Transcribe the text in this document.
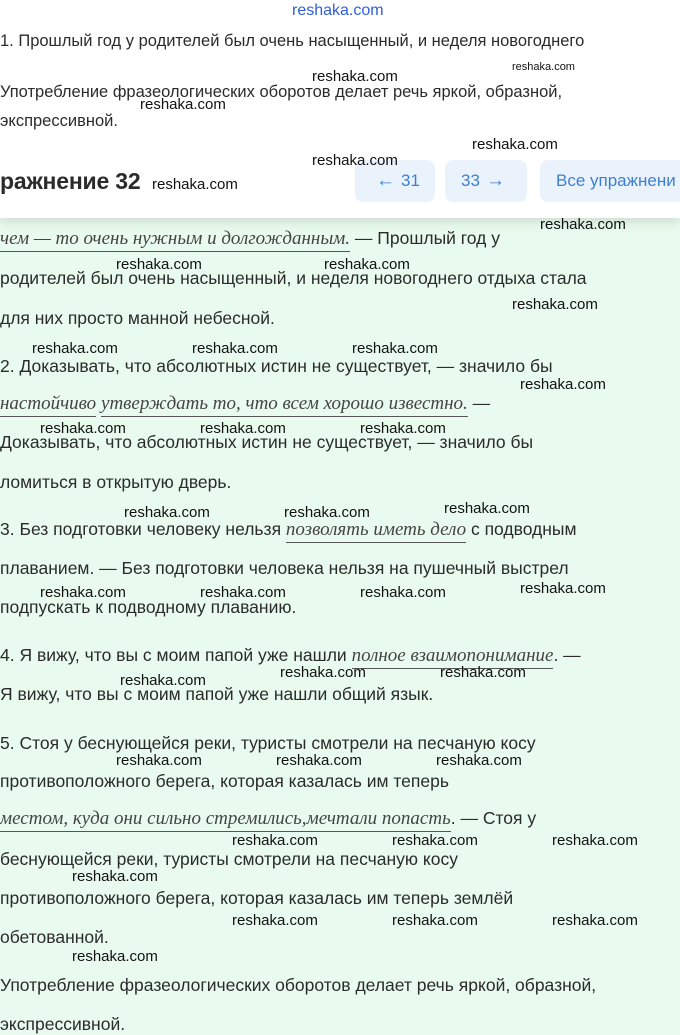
reshaka.com
1. Прошлый год у родителей был очень насыщенный, и неделя новогоднего
Употребление фразеологических оборотов делает речь яркой, образной, экспрессивной.
ражнение 32	← 31 33 →	Все упражнени
чем — то очень нужным и долгожданным. — Прошлый год у
родителей был очень насыщенный, и неделя новогоднего отдыха стала
для них просто манной небесной.
2. Доказывать, что абсолютных истин не существует, — значило бы
настойчиво утверждать то, что всем хорошо известно. —
Доказывать, что абсолютных истин не существует, — значило бы
ломиться в открытую дверь.
3. Без подготовки человеку нельзя позволять иметь дело с подводным
плаванием. — Без подготовки человека нельзя на пушечный выстрел
подпускать к подводному плаванию.
4. Я вижу, что вы с моим папой уже нашли полное взаимопонимание. —
Я вижу, что вы с моим папой уже нашли общий язык.
5. Стоя у беснующейся реки, туристы смотрели на песчаную косу
противоположного берега, которая казалась им теперь
местом, куда они сильно стремились,мечтали попасть. — Стоя у
беснующейся реки, туристы смотрели на песчаную косу
противоположного берега, которая казалась им теперь землёй
обетованной.
Употребление фразеологических оборотов делает речь яркой, образной,
экспрессивной.
reshaka.com
reshaka.com
reshaka.com
reshaka.com
reshaka.com
reshaka.com
reshaka.com
reshaka.com	reshaka.com
reshaka.com
reshaka.com	reshaka.com	reshaka.com
reshaka.com
reshaka.com	reshaka.com	reshaka.com
reshaka.com
reshaka.com	reshaka.com
reshaka.com
reshaka.com	reshaka.com	reshaka.com
reshaka.com	reshaka.com
reshaka.com
reshaka.com	reshaka.com	reshaka.com
reshaka.com	reshaka.com	reshaka.com
reshaka.com
reshaka.com	reshaka.com	reshaka.com
reshaka.com
